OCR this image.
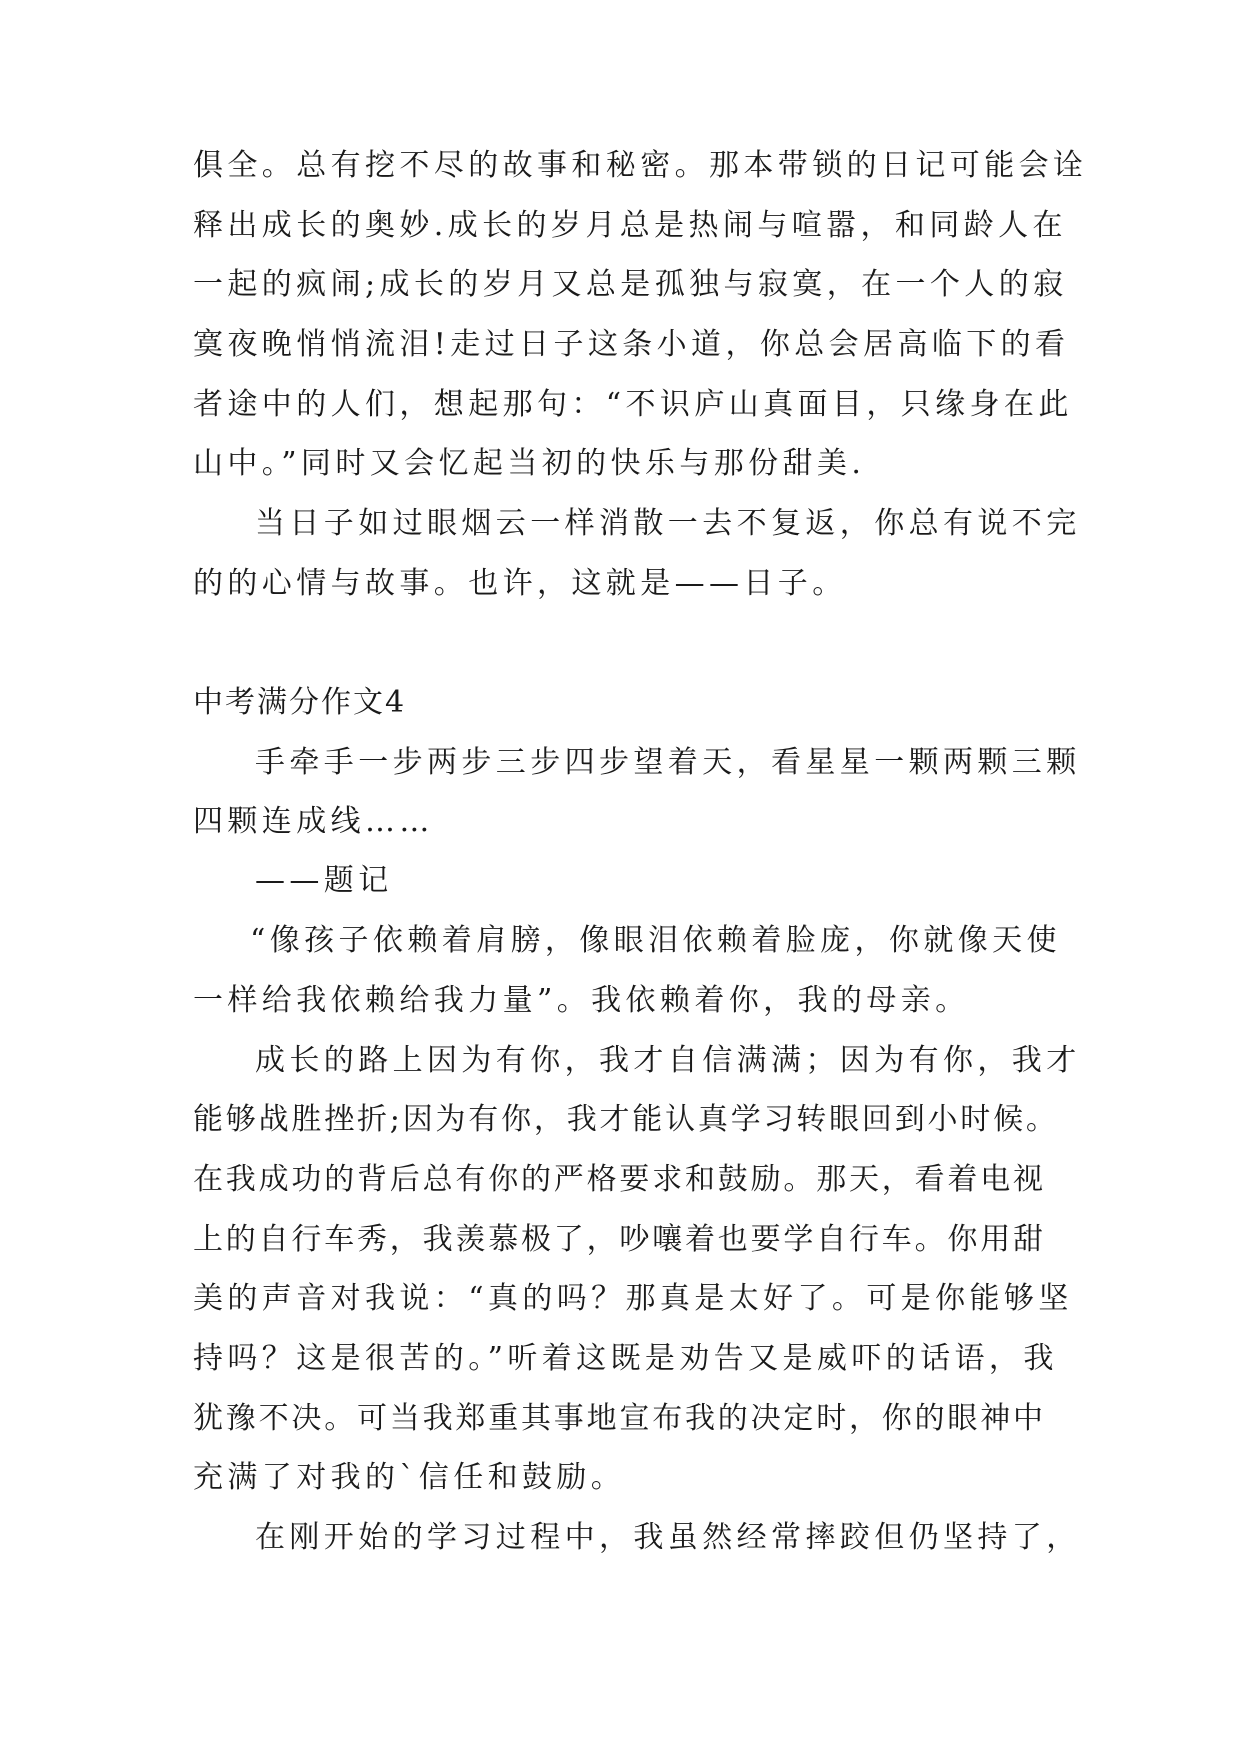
俱全。总有挖不尽的故事和秘密。那本带锁的日记可能会诠

释出成长的奥妙.成长的岁月总是热闹与喧嚣，和同龄人在

一起的疯闹;成长的岁月又总是孤独与寂寞，在一个人的寂

寞夜晚悄悄流泪!走过日子这条小道，你总会居高临下的看

者途中的人们，想起那句：“不识庐山真面目，只缘身在此

山中。”同时又会忆起当初的快乐与那份甜美.

当日子如过眼烟云一样消散一去不复返，你总有说不完

的的心情与故事。也许，这就是——日子。

中考满分作文4

手牵手一步两步三步四步望着天，看星星一颗两颗三颗

四颗连成线……

——题记

“像孩子依赖着肩膀，像眼泪依赖着脸庞，你就像天使

一样给我依赖给我力量”。我依赖着你，我的母亲。

成长的路上因为有你，我才自信满满；因为有你，我才

能够战胜挫折;因为有你，我才能认真学习转眼回到小时候。

在我成功的背后总有你的严格要求和鼓励。那天，看着电视

上的自行车秀，我羡慕极了，吵嚷着也要学自行车。你用甜

美的声音对我说：“真的吗？那真是太好了。可是你能够坚

持吗？这是很苦的。”听着这既是劝告又是威吓的话语，我

犹豫不决。可当我郑重其事地宣布我的决定时，你的眼神中

充满了对我的`信任和鼓励。

在刚开始的学习过程中，我虽然经常摔跤但仍坚持了，
